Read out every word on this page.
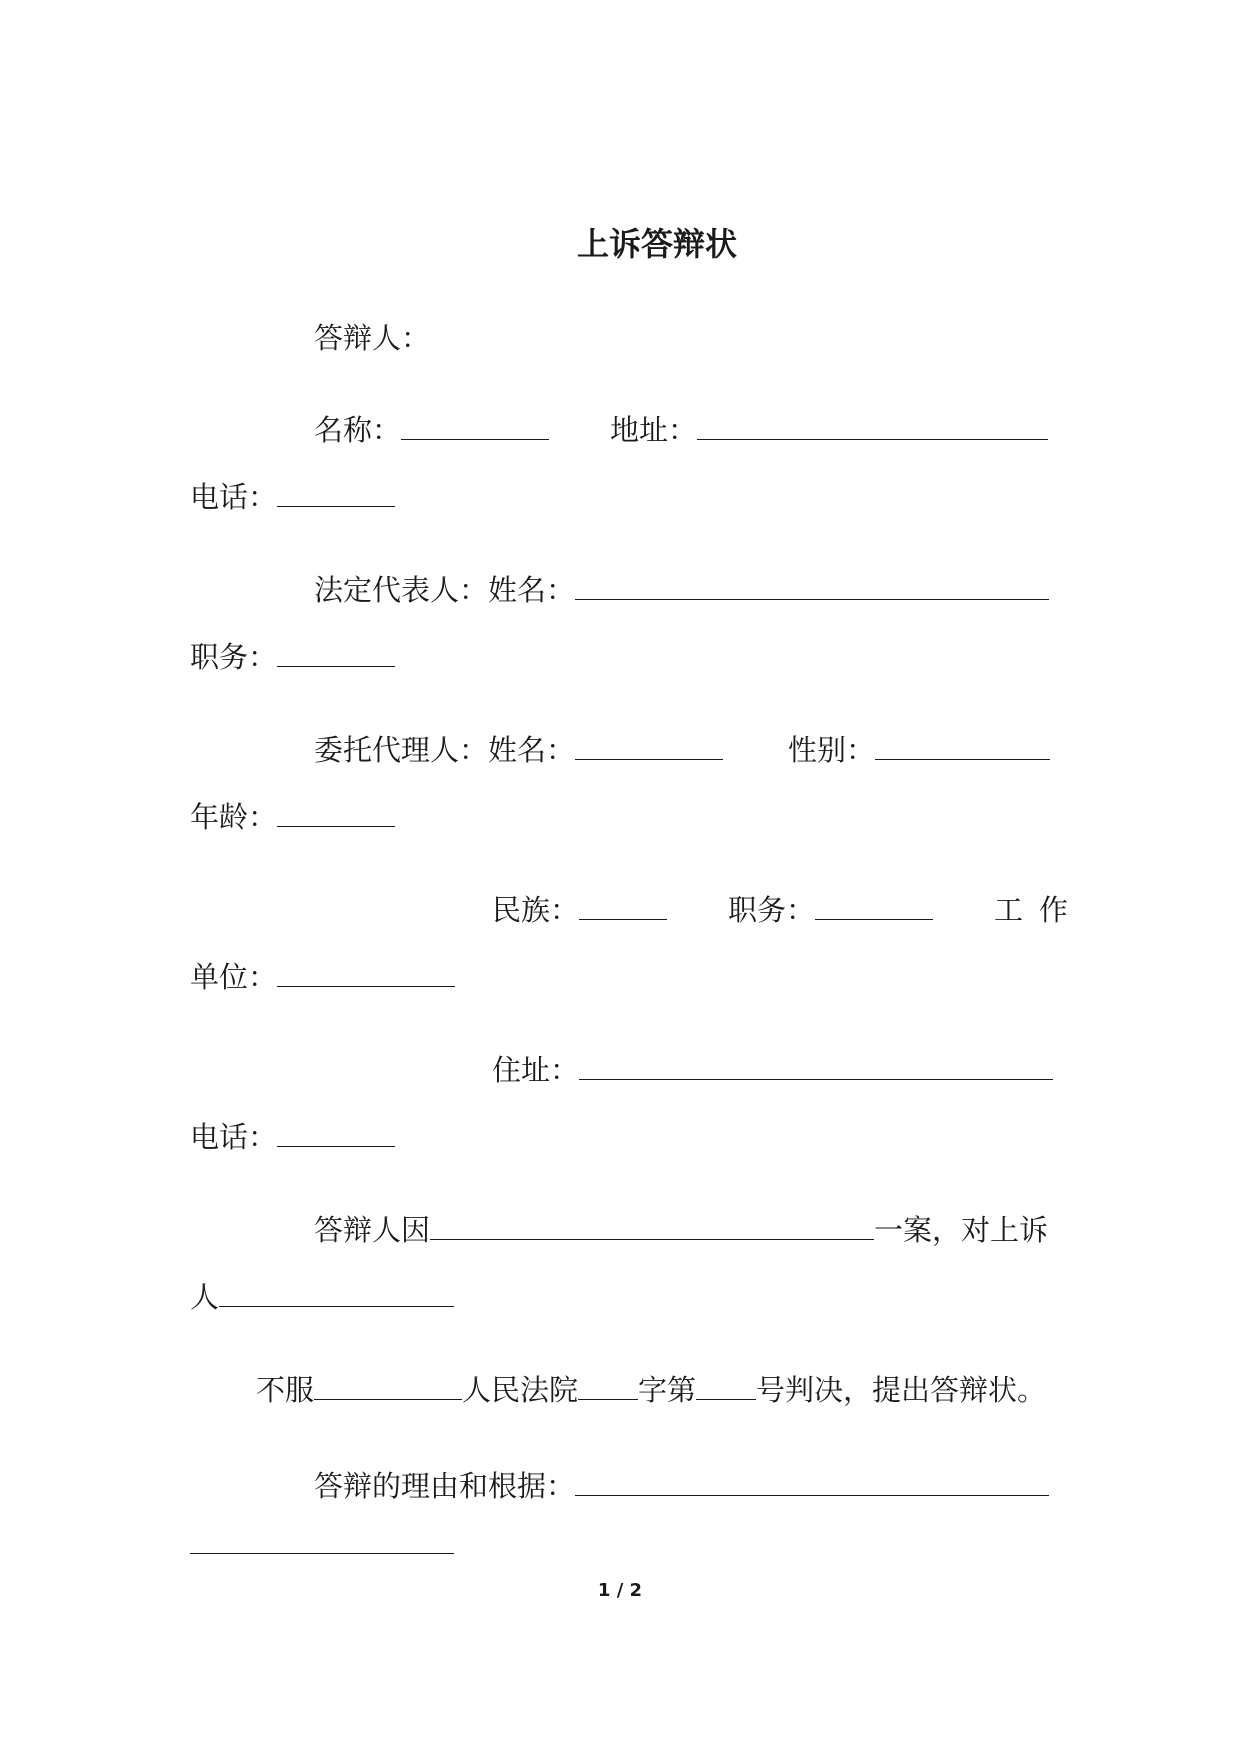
上诉答辩状
答辩人：
名称：	地址：
电话：
法定代表人：姓名：
职务：
委托代理人：姓名：	性别：
年龄：
民族：	职务：	工作
单位：
住址：
电话：
答辩人因	一案，对上诉
人
不服	人民法院 字第 号判决，提出答辩状。
答辩的理由和根据：
1 / 2
